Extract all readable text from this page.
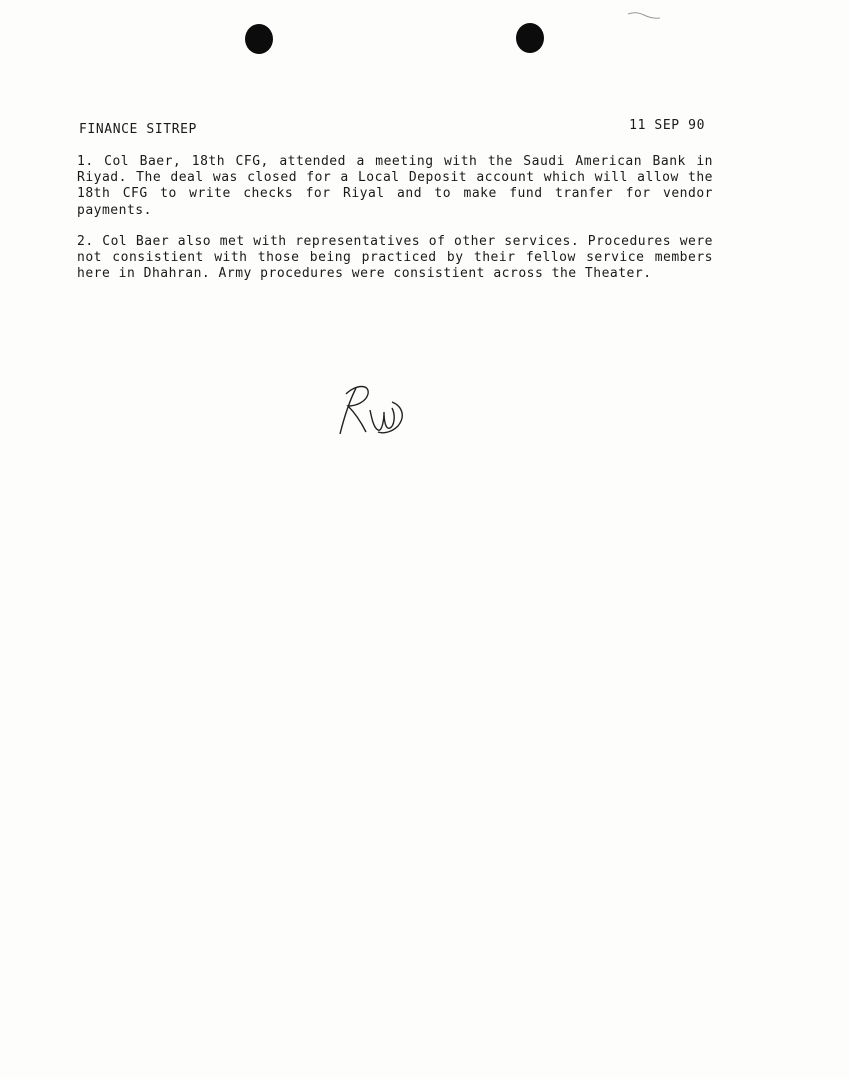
FINANCE SITREP	11 SEP 90
1. Col Baer, 18th CFG, attended a meeting with the Saudi American Bank in Riyad. The deal was closed for a Local Deposit account which will allow the 18th CFG to write checks for Riyal and to make fund tranfer for vendor payments.
2. Col Baer also met with representatives of other services. Procedures were not consistient with those being practiced by their fellow service members here in Dhahran. Army procedures were consistient across the Theater.
